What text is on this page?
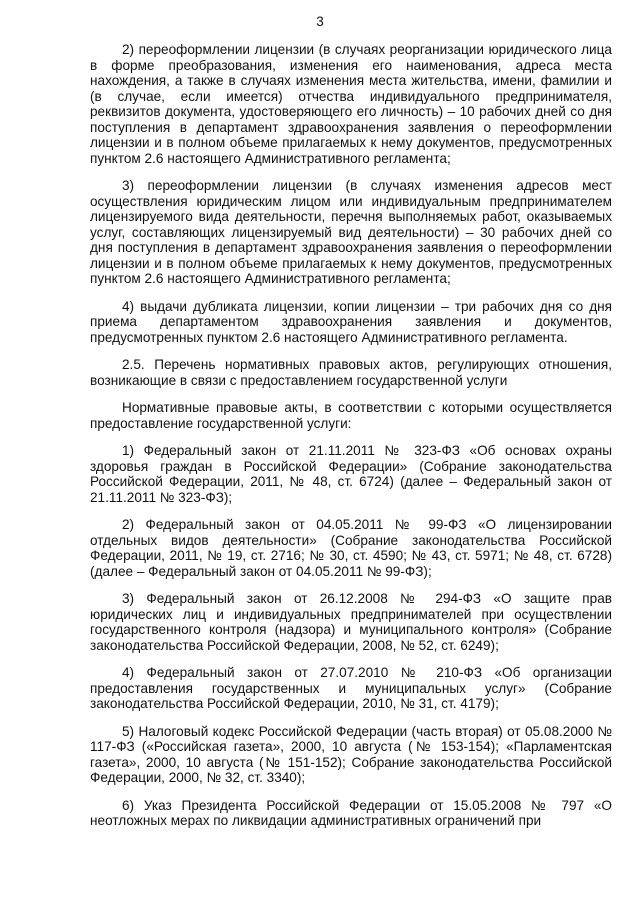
3

2) переоформлении лицензии (в случаях реорганизации юридического лица в форме преобразования, изменения его наименования, адреса места нахождения, а также в случаях изменения места жительства, имени, фамилии и (в случае, если имеется) отчества индивидуального предпринимателя, реквизитов документа, удостоверяющего его личность) – 10 рабочих дней со дня поступления в департамент здравоохранения заявления о переоформлении лицензии и в полном объеме прилагаемых к нему документов, предусмотренных пунктом 2.6 настоящего Административного регламента;

3) переоформлении лицензии (в случаях изменения адресов мест осуществления юридическим лицом или индивидуальным предпринимателем лицензируемого вида деятельности, перечня выполняемых работ, оказываемых услуг, составляющих лицензируемый вид деятельности) – 30 рабочих дней со дня поступления в департамент здравоохранения заявления о переоформлении лицензии и в полном объеме прилагаемых к нему документов, предусмотренных пунктом 2.6 настоящего Административного регламента;

4) выдачи дубликата лицензии, копии лицензии – три рабочих дня со дня приема департаментом здравоохранения заявления и документов, предусмотренных пунктом 2.6 настоящего Административного регламента.

2.5. Перечень нормативных правовых актов, регулирующих отношения, возникающие в связи с предоставлением государственной услуги

Нормативные правовые акты, в соответствии с которыми осуществляется предоставление государственной услуги:

1) Федеральный закон от 21.11.2011 № 323-ФЗ «Об основах охраны здоровья граждан в Российской Федерации» (Собрание законодательства Российской Федерации, 2011, № 48, ст. 6724) (далее – Федеральный закон от 21.11.2011 № 323-ФЗ);

2) Федеральный закон от 04.05.2011 № 99-ФЗ «О лицензировании отдельных видов деятельности» (Собрание законодательства Российской Федерации, 2011, № 19, ст. 2716; № 30, ст. 4590; № 43, ст. 5971; № 48, ст. 6728) (далее – Федеральный закон от 04.05.2011 № 99-ФЗ);

3) Федеральный закон от 26.12.2008 № 294-ФЗ «О защите прав юридических лиц и индивидуальных предпринимателей при осуществлении государственного контроля (надзора) и муниципального контроля» (Собрание законодательства Российской Федерации, 2008, № 52, ст. 6249);

4) Федеральный закон от 27.07.2010 № 210-ФЗ «Об организации предоставления государственных и муниципальных услуг» (Собрание законодательства Российской Федерации, 2010, № 31, ст. 4179);

5) Налоговый кодекс Российской Федерации (часть вторая) от 05.08.2000 № 117-ФЗ («Российская газета», 2000, 10 августа (№ 153-154); «Парламентская газета», 2000, 10 августа (№ 151-152); Собрание законодательства Российской Федерации, 2000, № 32, ст. 3340);

6) Указ Президента Российской Федерации от 15.05.2008 № 797 «О неотложных мерах по ликвидации административных ограничений при
